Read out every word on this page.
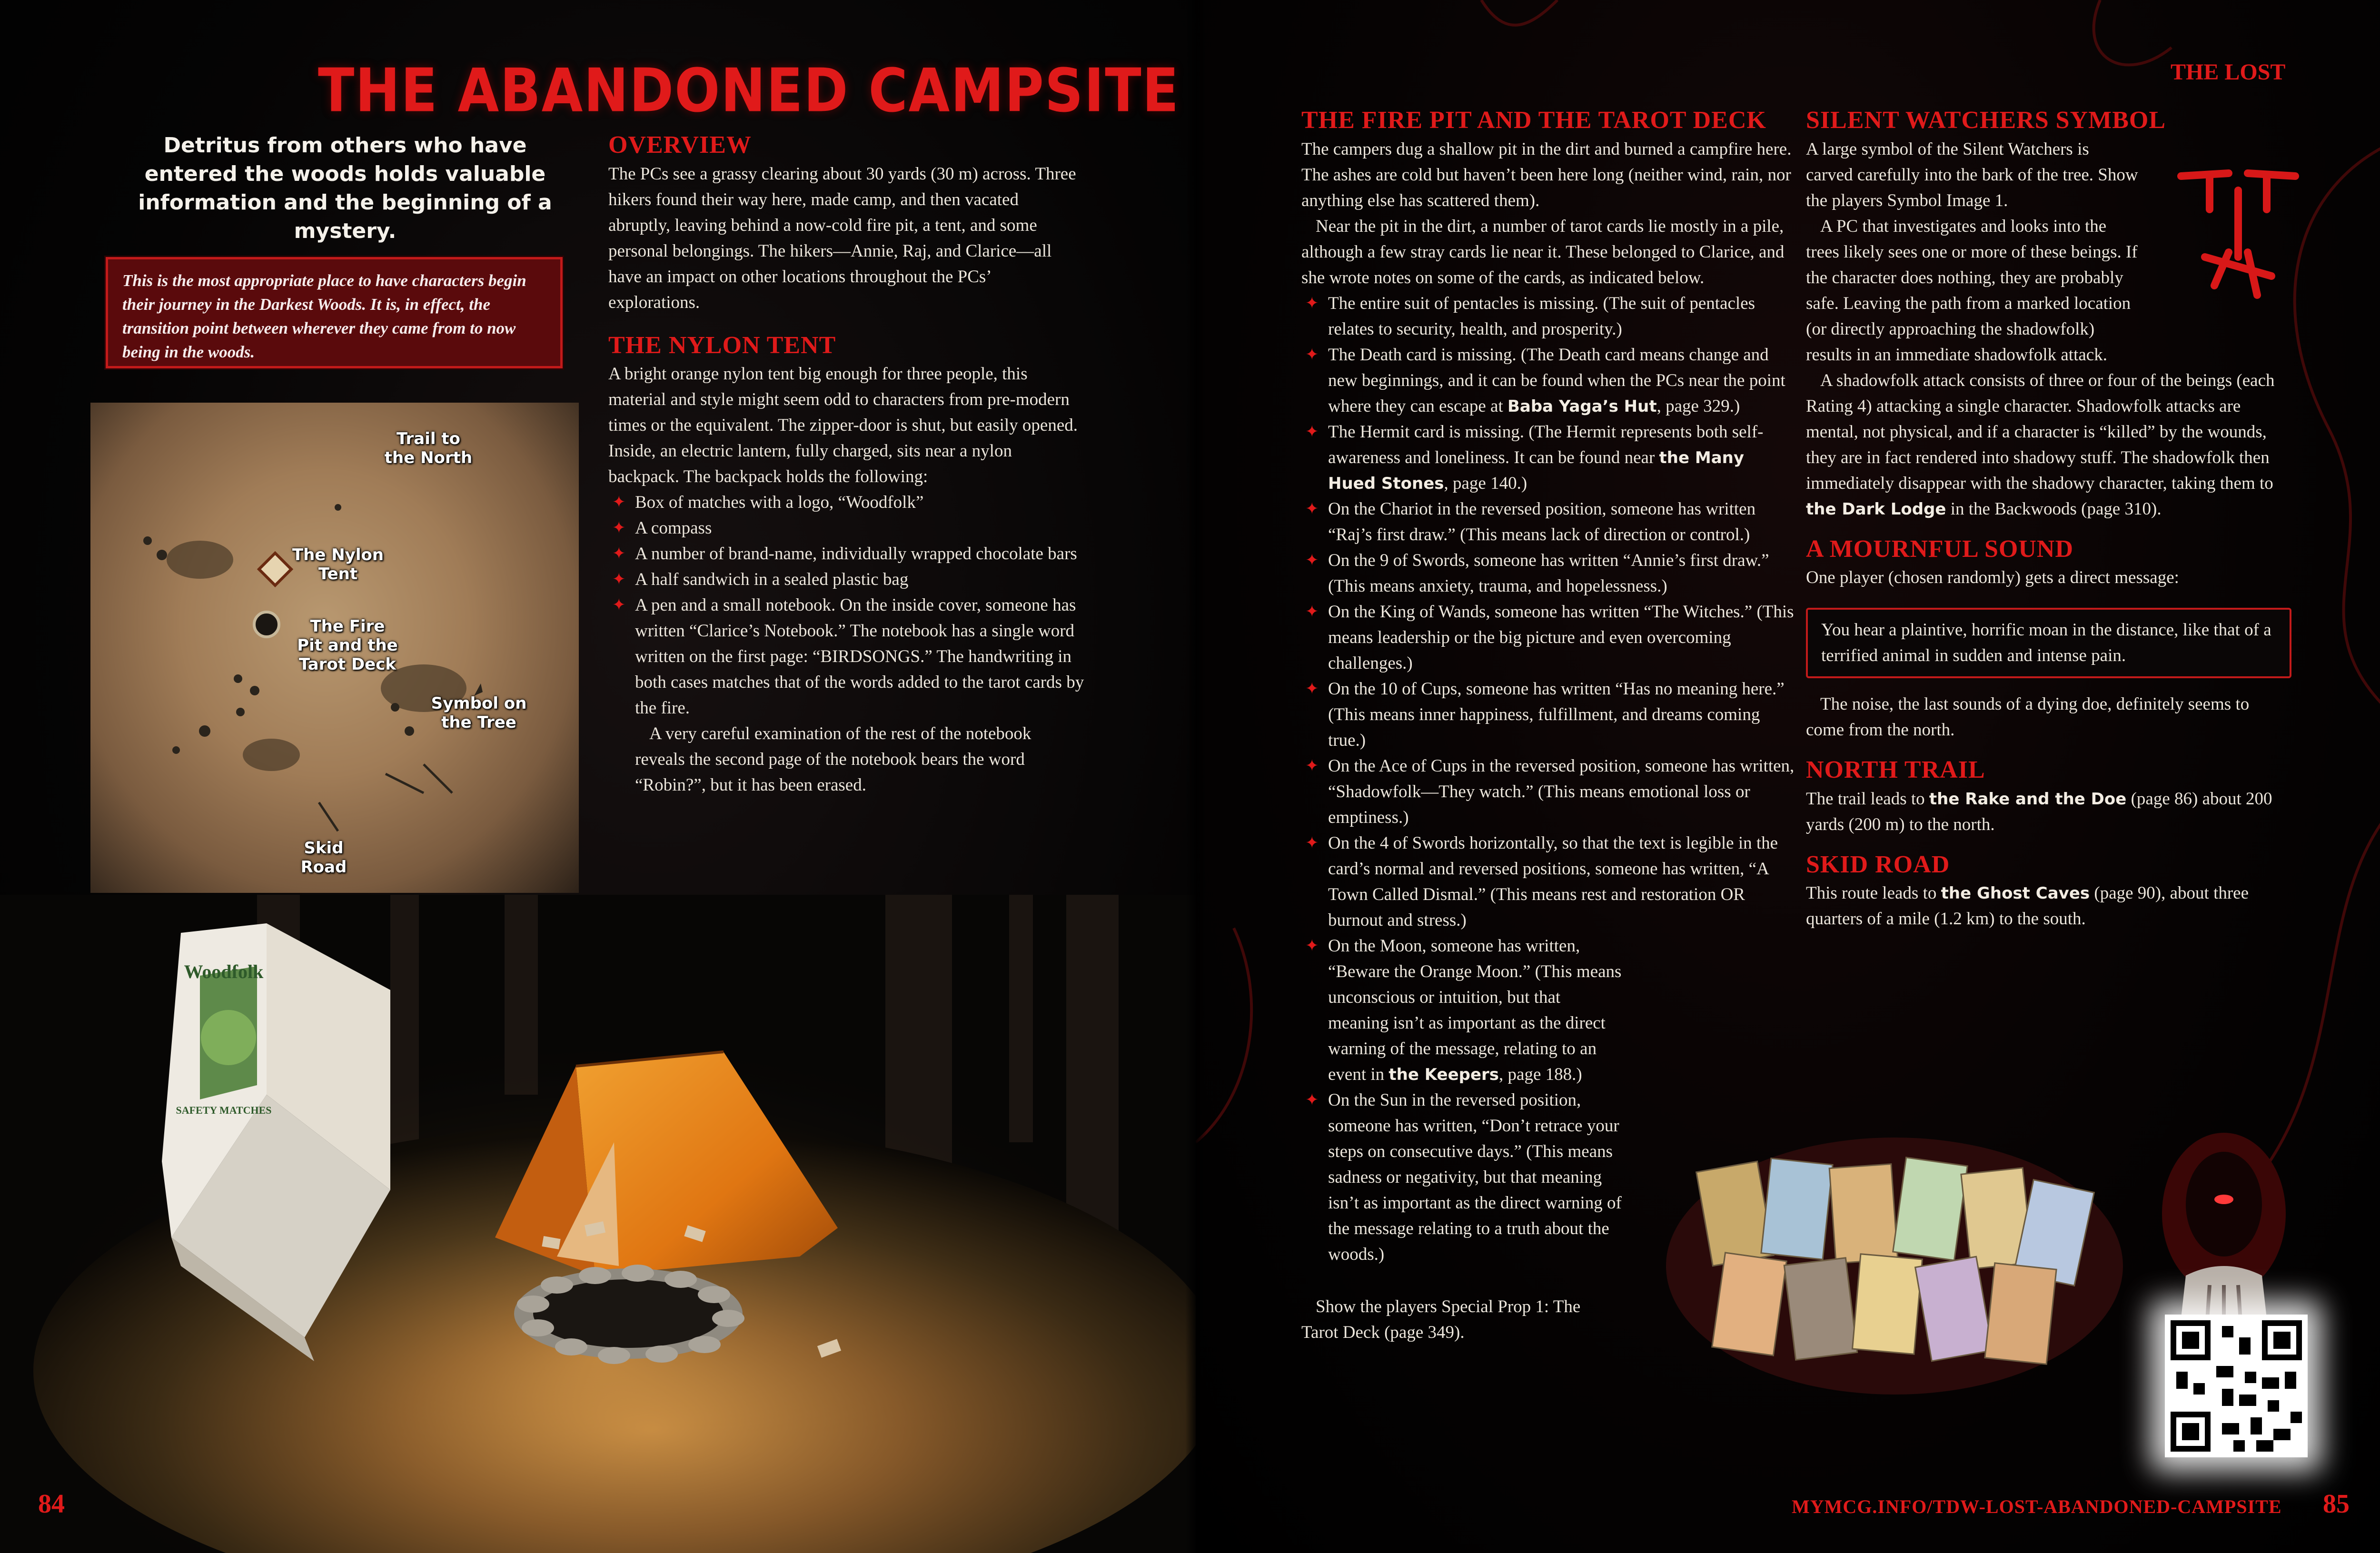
Woodfolk
SAFETY MATCHES
THE ABANDONED CAMPSITE
Detritus from others who have entered the woods holds valuable information and the beginning of a mystery.
This is the most appropriate place to have characters begin their journey in the Darkest Woods. It is, in effect, the transition point between wherever they came from to now being in the woods.
Trail to the North
The Nylon Tent
The Fire Pit and the Tarot Deck
Symbol on the Tree
Skid Road
OVERVIEW

The PCs see a grassy clearing about 30 yards (30 m) across. Three hikers found their way here, made camp, and then vacated abruptly, leaving behind a now-cold fire pit, a tent, and some personal belongings. The hikers—Annie, Raj, and Clarice—all have an impact on other locations throughout the PCs’ explorations.

THE NYLON TENT

A bright orange nylon tent big enough for three people, this material and style might seem odd to characters from pre-modern times or the equivalent. The zipper-door is shut, but easily opened. Inside, an electric lantern, fully charged, sits near a nylon backpack. The backpack holds the following:

✦ Box of matches with a logo, “Woodfolk”
✦ A compass
✦ A number of brand-name, individually wrapped chocolate bars
✦ A half sandwich in a sealed plastic bag
✦ A pen and a small notebook. On the inside cover, someone has written “Clarice’s Notebook.” The notebook has a single word written on the first page: “BIRDSONGS.” The handwriting in both cases matches that of the words added to the tarot cards by the fire.

A very careful examination of the rest of the notebook reveals the second page of the notebook bears the word “Robin?”, but it has been erased.

84
THE FIRE PIT AND THE TAROT DECK

The campers dug a shallow pit in the dirt and burned a campfire here. The ashes are cold but haven’t been here long (neither wind, rain, nor anything else has scattered them).

Near the pit in the dirt, a number of tarot cards lie mostly in a pile, although a few stray cards lie near it. These belonged to Clarice, and she wrote notes on some of the cards, as indicated below.

✦ The entire suit of pentacles is missing. (The suit of pentacles relates to security, health, and prosperity.)
✦ The Death card is missing. (The Death card means change and new beginnings, and it can be found when the PCs near the point where they can escape at Baba Yaga’s Hut, page 329.)
✦ The Hermit card is missing. (The Hermit represents both self-awareness and loneliness. It can be found near the Many Hued Stones, page 140.)
✦ On the Chariot in the reversed position, someone has written “Raj’s first draw.” (This means lack of direction or control.)
✦ On the 9 of Swords, someone has written “Annie’s first draw.” (This means anxiety, trauma, and hopelessness.)
✦ On the King of Wands, someone has written “The Witches.” (This means leadership or the big picture and even overcoming challenges.)
✦ On the 10 of Cups, someone has written “Has no meaning here.” (This means inner happiness, fulfillment, and dreams coming true.)
✦ On the Ace of Cups in the reversed position, someone has written, “Shadowfolk—They watch.” (This means emotional loss or emptiness.)
✦ On the 4 of Swords horizontally, so that the text is legible in the card’s normal and reversed positions, someone has written, “A Town Called Dismal.” (This means rest and restoration OR burnout and stress.)
✦ On the Moon, someone has written, “Beware the Orange Moon.” (This means unconscious or intuition, but that meaning isn’t as important as the direct warning of the message, relating to an event in the Keepers, page 188.)
✦ On the Sun in the reversed position, someone has written, “Don’t retrace your steps on consecutive days.” (This means sadness or negativity, but that meaning isn’t as important as the direct warning of the message relating to a truth about the woods.)

Show the players Special Prop 1: The Tarot Deck (page 349).

SILENT WATCHERS SYMBOL

A large symbol of the Silent Watchers is carved carefully into the bark of the tree. Show the players Symbol Image 1.

A PC that investigates and looks into the trees likely sees one or more of these beings. If the character does nothing, they are probably safe. Leaving the path from a marked location (or directly approaching the shadowfolk) results in an immediate shadowfolk attack.

A shadowfolk attack consists of three or four of the beings (each Rating 4) attacking a single character. Shadowfolk attacks are mental, not physical, and if a character is “killed” by the wounds, they are in fact rendered into shadowy stuff. The shadowfolk then immediately disappear with the shadowy character, taking them to the Dark Lodge in the Backwoods (page 310).

A MOURNFUL SOUND

One player (chosen randomly) gets a direct message:

You hear a plaintive, horrific moan in the distance, like that of a terrified animal in sudden and intense pain.

The noise, the last sounds of a dying doe, definitely seems to come from the north.

NORTH TRAIL

The trail leads to the Rake and the Doe (page 86) about 200 yards (200 m) to the north.

SKID ROAD

This route leads to the Ghost Caves (page 90), about three quarters of a mile (1.2 km) to the south.

THE LOST
MYMCG.INFO/TDW-LOST-ABANDONED-CAMPSITE 85
